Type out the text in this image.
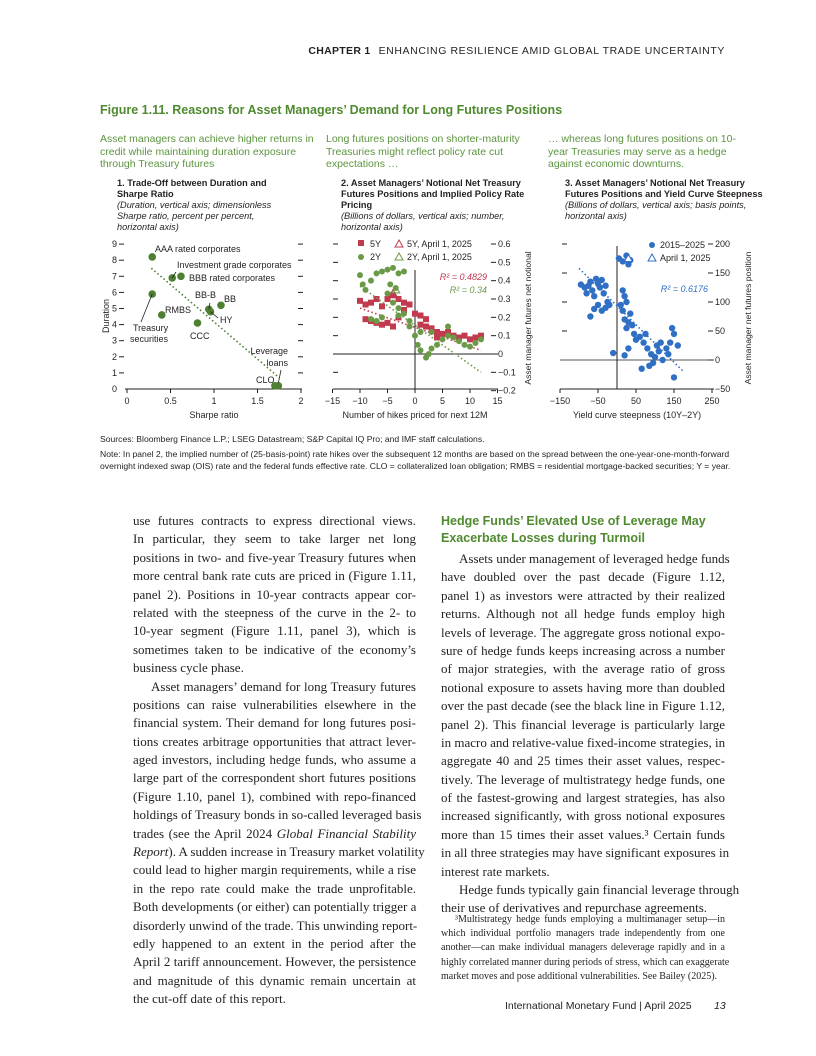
CHAPTER 1 ENHANCING RESILIENCE AMID GLOBAL TRADE UNCERTAINTY
Figure 1.11. Reasons for Asset Managers’ Demand for Long Futures Positions
Asset managers can achieve higher returns in credit while maintaining duration exposure through Treasury futures
Long futures positions on shorter-maturity Treasuries might reflect policy rate cut expectations …
… whereas long futures positions on 10-year Treasuries may serve as a hedge against economic downturns.
1. Trade-Off between Duration and Sharpe Ratio
(Duration, vertical axis; dimensionless Sharpe ratio, percent per percent, horizontal axis)
2. Asset Managers’ Notional Net Treasury Futures Positions and Implied Policy Rate Pricing
(Billions of dollars, vertical axis; number, horizontal axis)
3. Asset Managers’ Notional Net Treasury Futures Positions and Yield Curve Steepness
(Billions of dollars, vertical axis; basis points, horizontal axis)
0
1
2
3
4
5
6
7
8
9
0	0.5	1	1.5	2
Sharpe ratio
Duration
AAA rated corporates
Investment grade corporates
BBB rated corporates
Treasury
securities
RMBS
BB-B BB
HY
CCC
CLO
Leverage
loans
−0.2
−0.1
0
0.1
0.2
0.3
0.4
0.5
0.6
−15 −10 −5 0 5 10 15
Number of hikes priced for next 12M
Asset manager futures net notional
5Y
2Y
5Y, April 1, 2025
2Y, April 1, 2025
R² = 0.4829
R² = 0.34
−50
0
50
100
150
200
−150 −50	50	150	250
Yield curve steepness (10Y–2Y)
Asset manager net futures position
2015–2025
April 1, 2025
R² = 0.6176
Sources: Bloomberg Finance L.P.; LSEG Datastream; S&P Capital IQ Pro; and IMF staff calculations.
Note: In panel 2, the implied number of (25-basis-point) rate hikes over the subsequent 12 months are based on the spread between the one-year-one-month-forward overnight indexed swap (OIS) rate and the federal funds effective rate. CLO = collateralized loan obligation; RMBS = residential mortgage-backed securities; Y = year.
use futures contracts to express directional views.
In particular, they seem to take larger net long
positions in two- and five-year Treasury futures when
more central bank rate cuts are priced in (Figure 1.11,
panel 2). Positions in 10-year contracts appear cor-
related with the steepness of the curve in the 2- to
10-year segment (Figure 1.11, panel 3), which is
sometimes taken to be indicative of the economy’s
business cycle phase.
Asset managers’ demand for long Treasury futures
positions can raise vulnerabilities elsewhere in the
financial system. Their demand for long futures posi-
tions creates arbitrage opportunities that attract lever-
aged investors, including hedge funds, who assume a
large part of the correspondent short futures positions
(Figure 1.10, panel 1), combined with repo-financed
holdings of Treasury bonds in so-called leveraged basis
trades (see the April 2024 Global Financial Stability
Report). A sudden increase in Treasury market volatility
could lead to higher margin requirements, while a rise
in the repo rate could make the trade unprofitable.
Both developments (or either) can potentially trigger a
disorderly unwind of the trade. This unwinding report-
edly happened to an extent in the period after the
April 2 tariff announcement. However, the persistence
and magnitude of this dynamic remain uncertain at
the cut-off date of this report.
Hedge Funds’ Elevated Use of Leverage May
Exacerbate Losses during Turmoil
Assets under management of leveraged hedge funds
have doubled over the past decade (Figure 1.12,
panel 1) as investors were attracted by their realized
returns. Although not all hedge funds employ high
levels of leverage. The aggregate gross notional expo-
sure of hedge funds keeps increasing across a number
of major strategies, with the average ratio of gross
notional exposure to assets having more than doubled
over the past decade (see the black line in Figure 1.12,
panel 2). This financial leverage is particularly large
in macro and relative-value fixed-income strategies, in
aggregate 40 and 25 times their asset values, respec-
tively. The leverage of multistrategy hedge funds, one
of the fastest-growing and largest strategies, has also
increased significantly, with gross notional exposures
more than 15 times their asset values.³ Certain funds
in all three strategies may have significant exposures in
interest rate markets.
Hedge funds typically gain financial leverage through
their use of derivatives and repurchase agreements.
³Multistrategy hedge funds employing a multimanager setup—in
which individual portfolio managers trade independently from one
another—can make individual managers deleverage rapidly and in a
highly correlated manner during periods of stress, which can exaggerate
market moves and pose additional vulnerabilities. See Bailey (2025).
International Monetary Fund | April 2025 13
